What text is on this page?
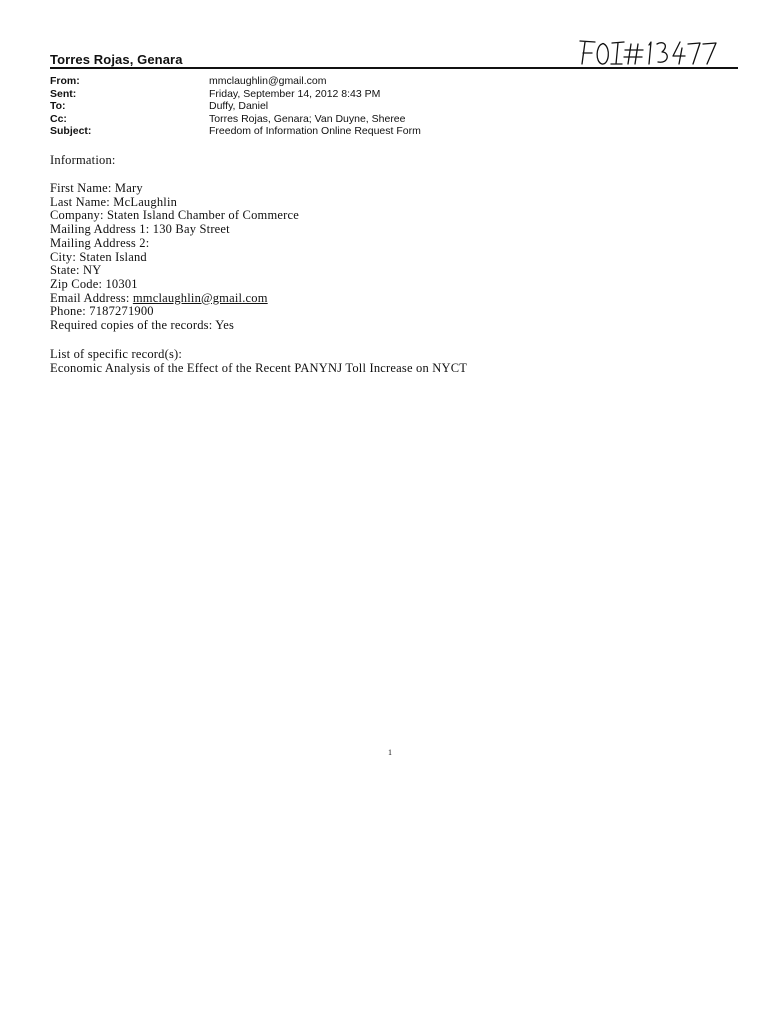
Torres Rojas, Genara
From:	mmclaughlin@gmail.com
Sent:	Friday, September 14, 2012 8:43 PM
To:	Duffy, Daniel
Cc:	Torres Rojas, Genara; Van Duyne, Sheree
Subject:	Freedom of Information Online Request Form
Information:
First Name: Mary
Last Name: McLaughlin
Company: Staten Island Chamber of Commerce
Mailing Address 1: 130 Bay Street
Mailing Address 2:
City: Staten Island
State: NY
Zip Code: 10301
Email Address: mmclaughlin@gmail.com
Phone: 7187271900
Required copies of the records: Yes
List of specific record(s):
Economic Analysis of the Effect of the Recent PANYNJ Toll Increase on NYCT
1
